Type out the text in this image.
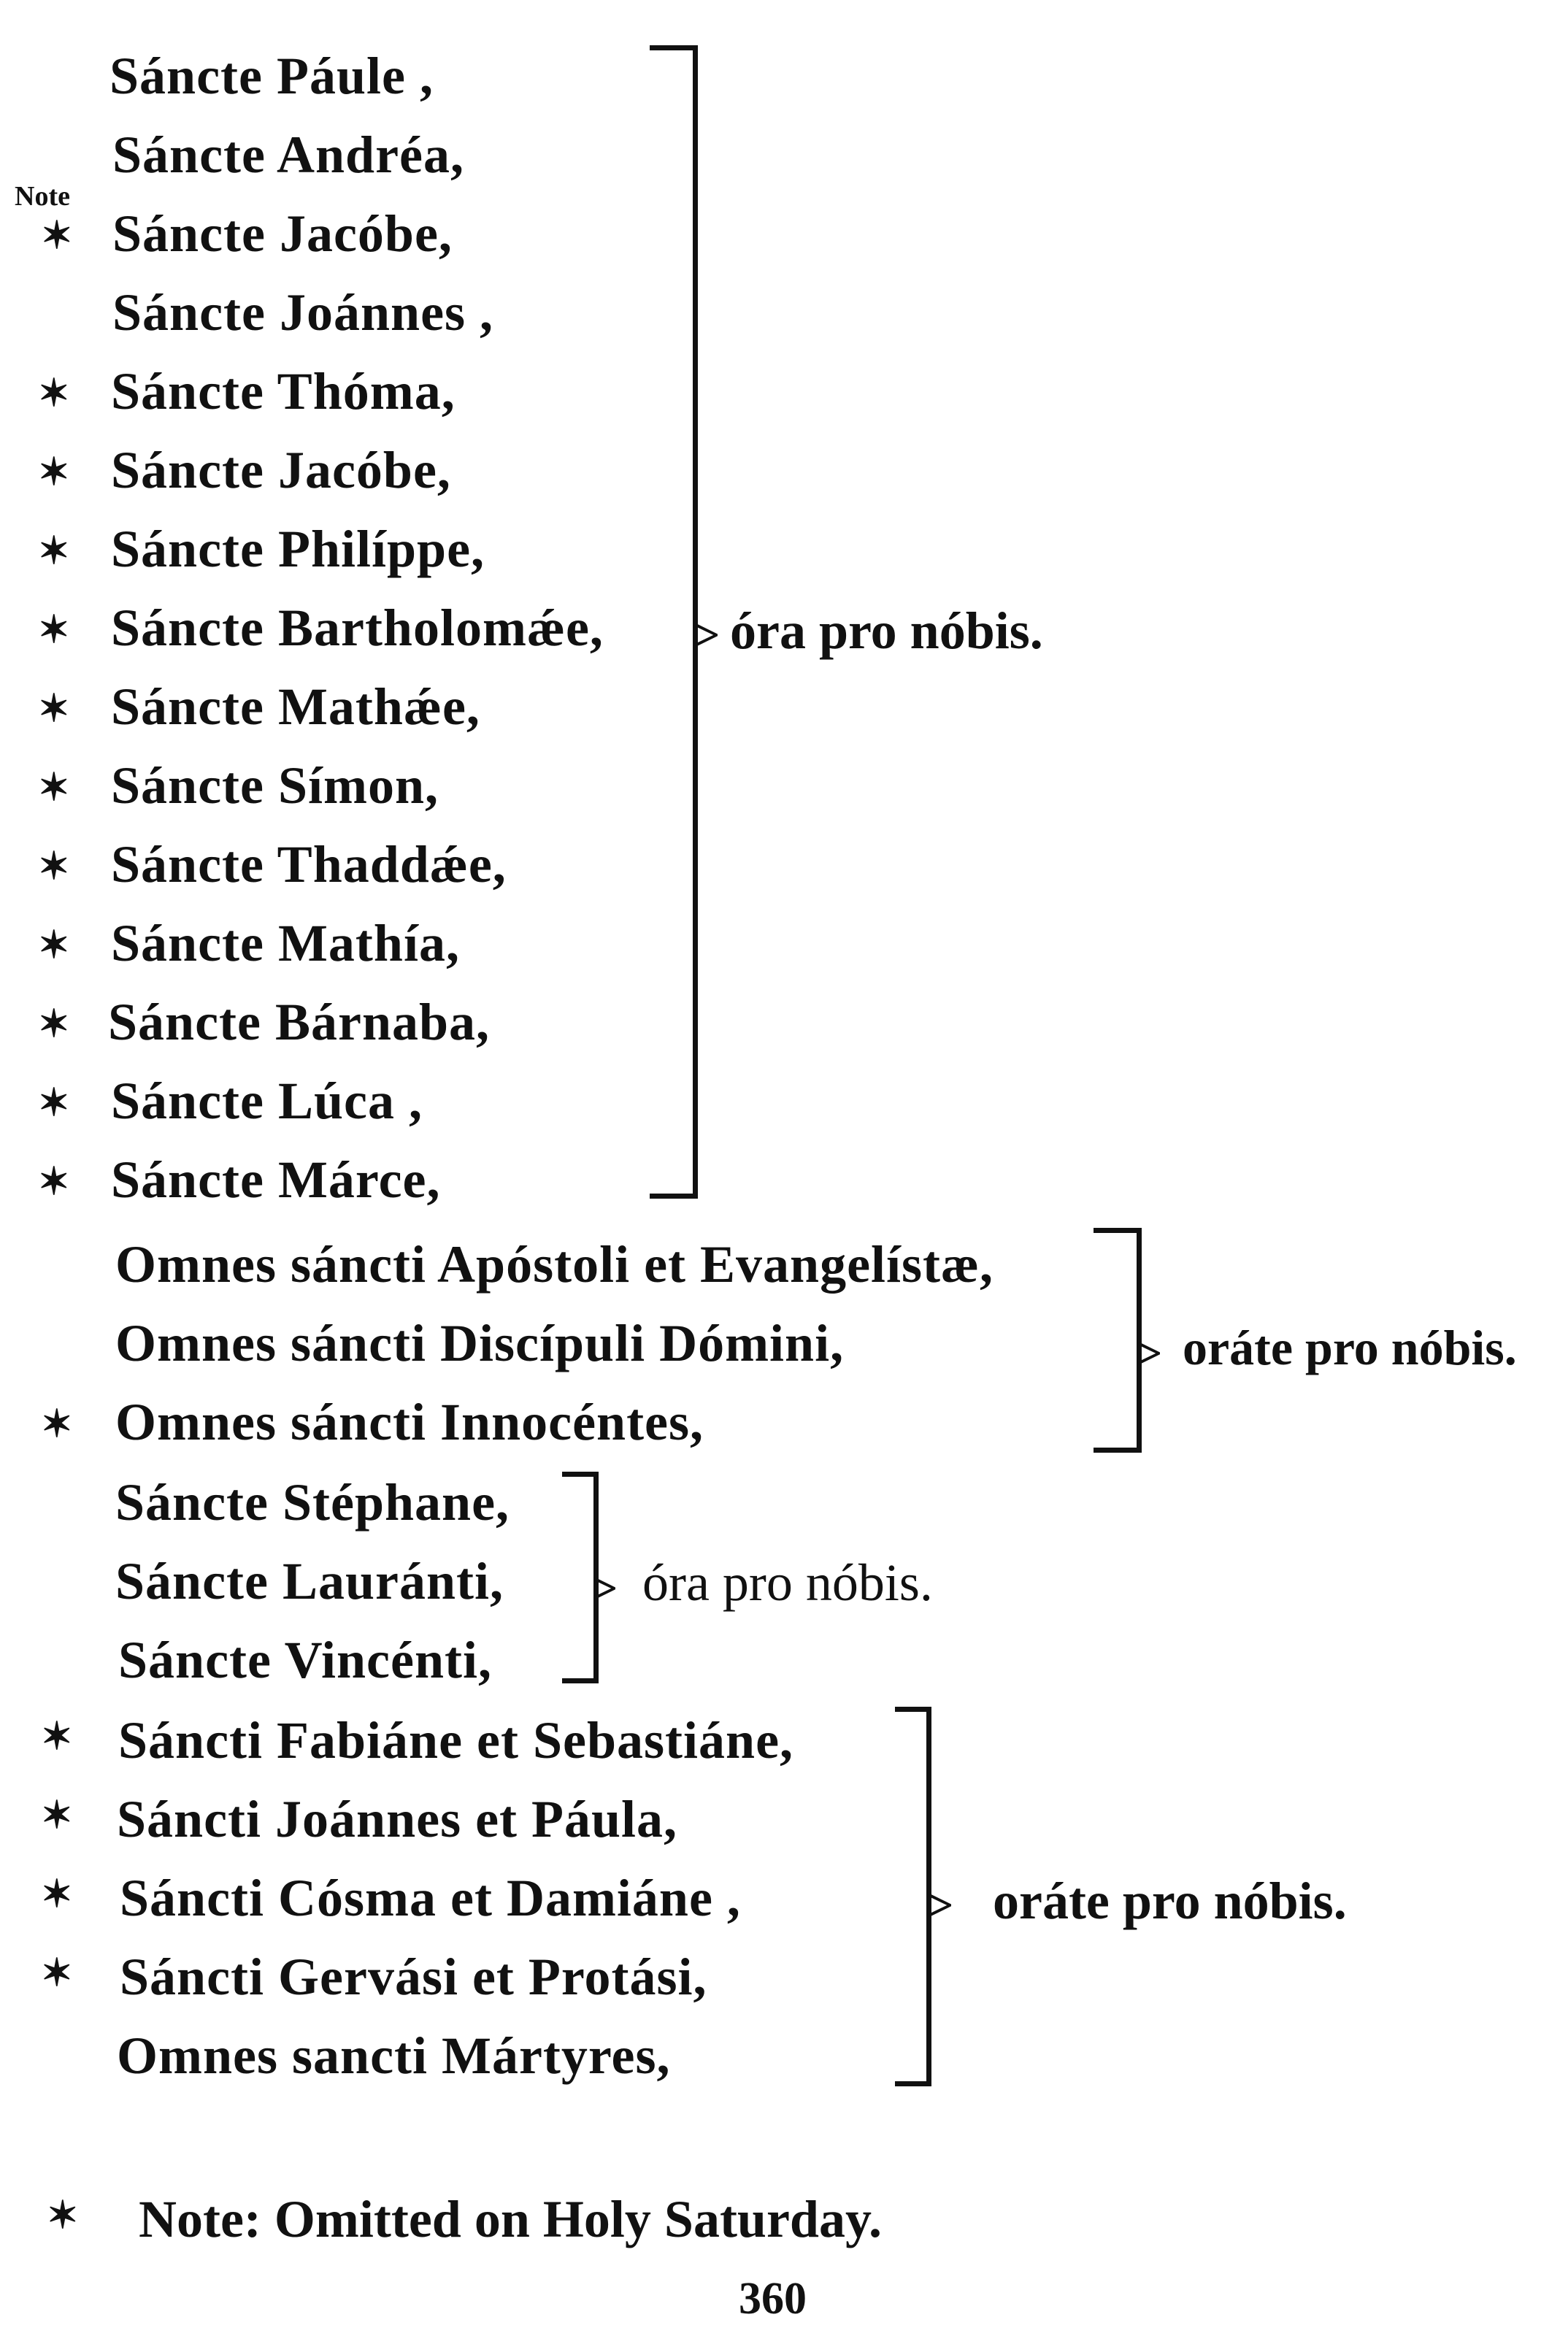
Note
✶
✶
✶
✶
✶
✶
✶
✶
✶
✶
✶
✶
✶
✶
✶
✶
✶
Sáncte Páule ,
Sáncte Andréa,
Sáncte Jacóbe,
Sáncte Joánnes ,
Sáncte Thóma,
Sáncte Jacóbe,
Sáncte Philíppe,
Sáncte Bartholomǽe,
Sáncte Mathǽe,
Sáncte Símon,
Sáncte Thaddǽe,
Sáncte Mathía,
Sáncte Bárnaba,
Sáncte Lúca ,
Sáncte Márce,
> óra pro nóbis.
Omnes sáncti Apóstoli et Evangelístæ,
Omnes sáncti Discípuli Dómini,
Omnes sáncti Innocéntes,
> oráte pro nóbis.
Sáncte Stéphane,
Sáncte Lauránti,
Sáncte Vincénti,
> óra pro nóbis.
Sáncti Fabiáne et Sebastiáne,
Sáncti Joánnes et Páula,
Sáncti Cósma et Damiáne ,
Sáncti Gervási et Protási,
Omnes sancti Mártyres,
> oráte pro nóbis.
✶ Note: Omitted on Holy Saturday.
360
